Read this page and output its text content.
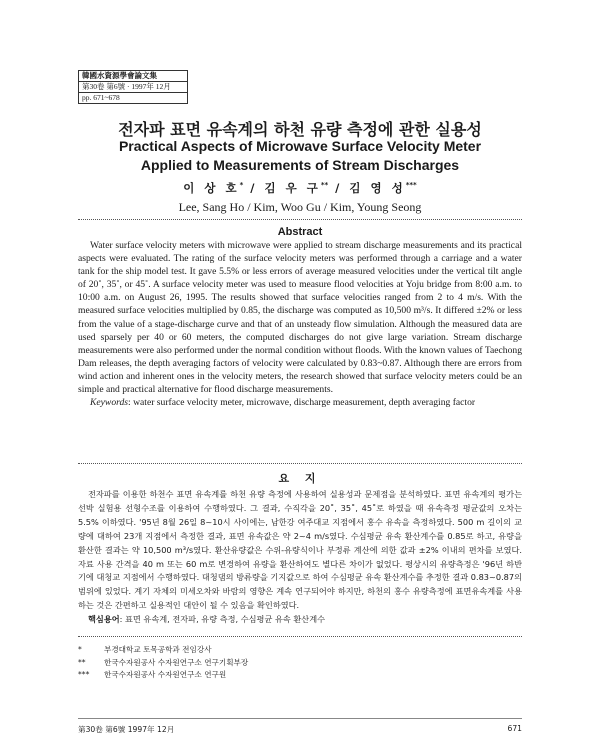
韓國水資源學會論文集
第30卷 第6號 · 1997年 12月
pp. 671~678
전자파 표면 유속계의 하천 유량 측정에 관한 실용성
Practical Aspects of Microwave Surface Velocity Meter
Applied to Measurements of Stream Discharges
이 상 호* / 김 우 구** / 김 영 성***
Lee, Sang Ho / Kim, Woo Gu / Kim, Young Seong
Abstract

Water surface velocity meters with microwave were applied to stream discharge measurements and its practical aspects were evaluated. The rating of the surface velocity meters was performed through a carriage and a water tank for the ship model test. It gave 5.5% or less errors of average measured velocities under the vertical tilt angle of 20˚, 35˚, or 45˚. A surface velocity meter was used to measure flood velocities at Yoju bridge from 8:00 a.m. to 10:00 a.m. on August 26, 1995. The results showed that surface velocities ranged from 2 to 4 m/s. With the measured surface velocities multiplied by 0.85, the discharge was computed as 10,500 m³/s. It differed ±2% or less from the value of a stage-discharge curve and that of an unsteady flow simulation. Although the measured data are used sparsely per 40 or 60 meters, the computed discharges do not give large variation. Stream discharge measurements were also performed under the normal condition without floods. With the known values of Taechong Dam releases, the depth averaging factors of velocity were calculated by 0.83~0.87. Although there are errors from wind action and inherent ones in the velocity meters, the research showed that surface velocity meters could be an simple and practical alternative for flood discharge measurements.

Keywords: water surface velocity meter, microwave, discharge measurement, depth averaging factor

요 지

전자파를 이용한 하천수 표면 유속계를 하천 유량 측정에 사용하여 실용성과 문제점을 분석하였다. 표면 유속계의 평가는 선박 실험용 선형수조를 이용하여 수행하였다. 그 결과, 수직각을 20˚, 35˚, 45˚로 하였을 때 유속측정 평균값의 오차는 5.5% 이하였다. '95년 8월 26일 8~10시 사이에는, 남한강 여주대교 지점에서 홍수 유속을 측정하였다. 500 m 길이의 교량에 대하여 23개 지점에서 측정한 결과, 표면 유속값은 약 2~4 m/s였다. 수심평균 유속 환산계수를 0.85로 하고, 유량을 환산한 결과는 약 10,500 m³/s였다. 환산유량값은 수위-유량식이나 부정류 계산에 의한 값과 ±2% 이내의 편차를 보였다. 자료 사용 간격을 40 m 또는 60 m로 변경하여 유량을 환산하여도 별다른 차이가 없었다. 평상시의 유량측정은 '96년 하반기에 대청교 지점에서 수행하였다. 대청댐의 방류량을 기지값으로 하여 수심평균 유속 환산계수를 추정한 결과 0.83~0.87의 범위에 있었다. 계기 자체의 미세오차와 바람의 영향은 계속 연구되어야 하지만, 하천의 홍수 유량측정에 표면유속계를 사용하는 것은 간편하고 실용적인 대안이 될 수 있음을 확인하였다.

핵심용어: 표면 유속계, 전자파, 유량 측정, 수심평균 유속 환산계수

*	부경대학교 토목공학과 전임강사
**	한국수자원공사 수자원연구소 연구기획부장
***	한국수자원공사 수자원연구소 연구원
第30卷 第6號 1997年 12月	671
